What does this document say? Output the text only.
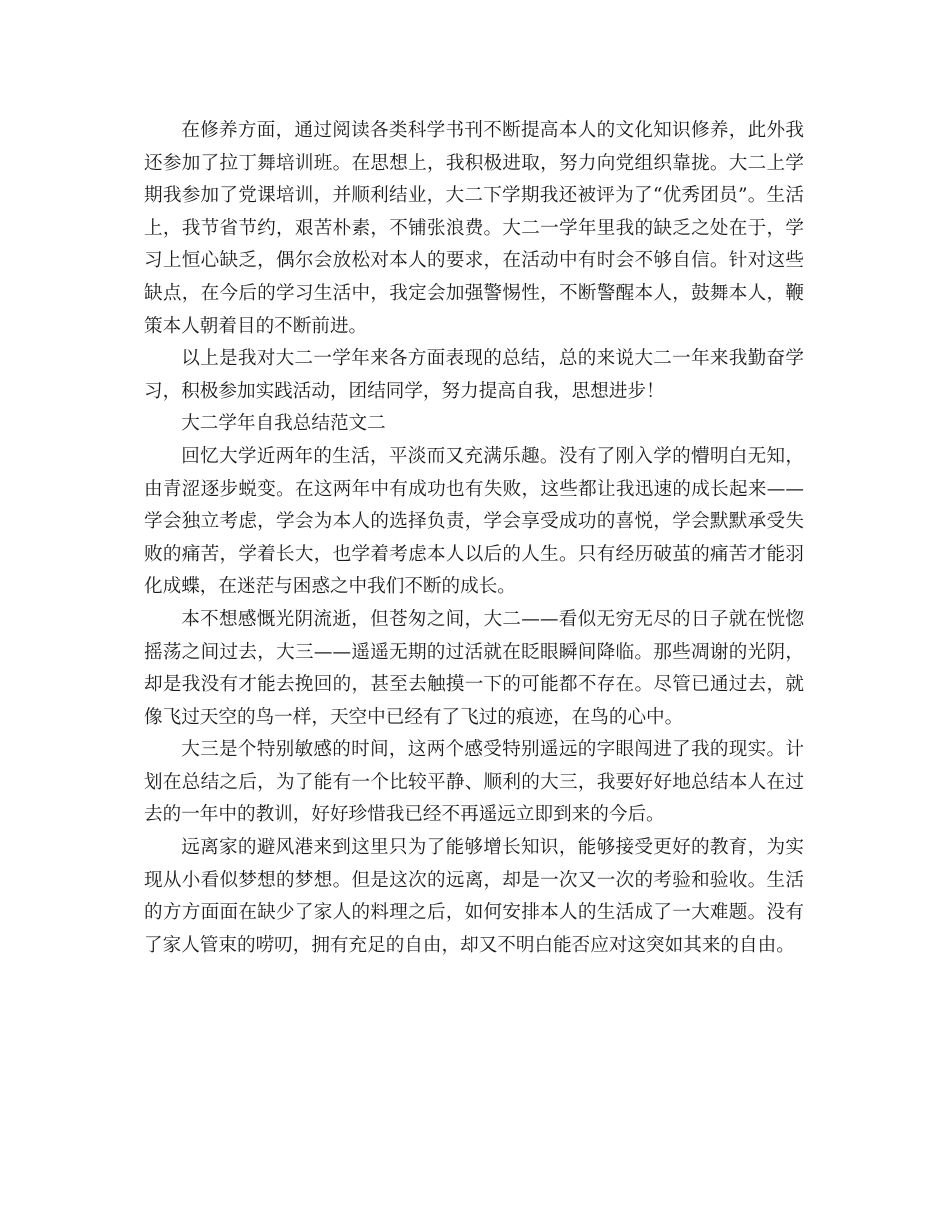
在修养方面，通过阅读各类科学书刊不断提高本人的文化知识修养，此外我还参加了拉丁舞培训班。在思想上，我积极进取，努力向党组织靠拢。大二上学期我参加了党课培训，并顺利结业，大二下学期我还被评为了“优秀团员”。生活上，我节省节约，艰苦朴素，不铺张浪费。大二一学年里我的缺乏之处在于，学习上恒心缺乏，偶尔会放松对本人的要求，在活动中有时会不够自信。针对这些缺点，在今后的学习生活中，我定会加强警惕性，不断警醒本人，鼓舞本人，鞭策本人朝着目的不断前进。

以上是我对大二一学年来各方面表现的总结，总的来说大二一年来我勤奋学习，积极参加实践活动，团结同学，努力提高自我，思想进步！

大二学年自我总结范文二

回忆大学近两年的生活，平淡而又充满乐趣。没有了刚入学的懵明白无知，由青涩逐步蜕变。在这两年中有成功也有失败，这些都让我迅速的成长起来——学会独立考虑，学会为本人的选择负责，学会享受成功的喜悦，学会默默承受失败的痛苦，学着长大，也学着考虑本人以后的人生。只有经历破茧的痛苦才能羽化成蝶，在迷茫与困惑之中我们不断的成长。

本不想感慨光阴流逝，但苍匆之间，大二——看似无穷无尽的日子就在恍惚摇荡之间过去，大三——遥遥无期的过活就在眨眼瞬间降临。那些凋谢的光阴，却是我没有才能去挽回的，甚至去触摸一下的可能都不存在。尽管已通过去，就像飞过天空的鸟一样，天空中已经有了飞过的痕迹，在鸟的心中。

大三是个特别敏感的时间，这两个感受特别遥远的字眼闯进了我的现实。计划在总结之后，为了能有一个比较平静、顺利的大三，我要好好地总结本人在过去的一年中的教训，好好珍惜我已经不再遥远立即到来的今后。

远离家的避风港来到这里只为了能够增长知识，能够接受更好的教育，为实现从小看似梦想的梦想。但是这次的远离，却是一次又一次的考验和验收。生活的方方面面在缺少了家人的料理之后，如何安排本人的生活成了一大难题。没有了家人管束的唠叨，拥有充足的自由，却又不明白能否应对这突如其来的自由。
